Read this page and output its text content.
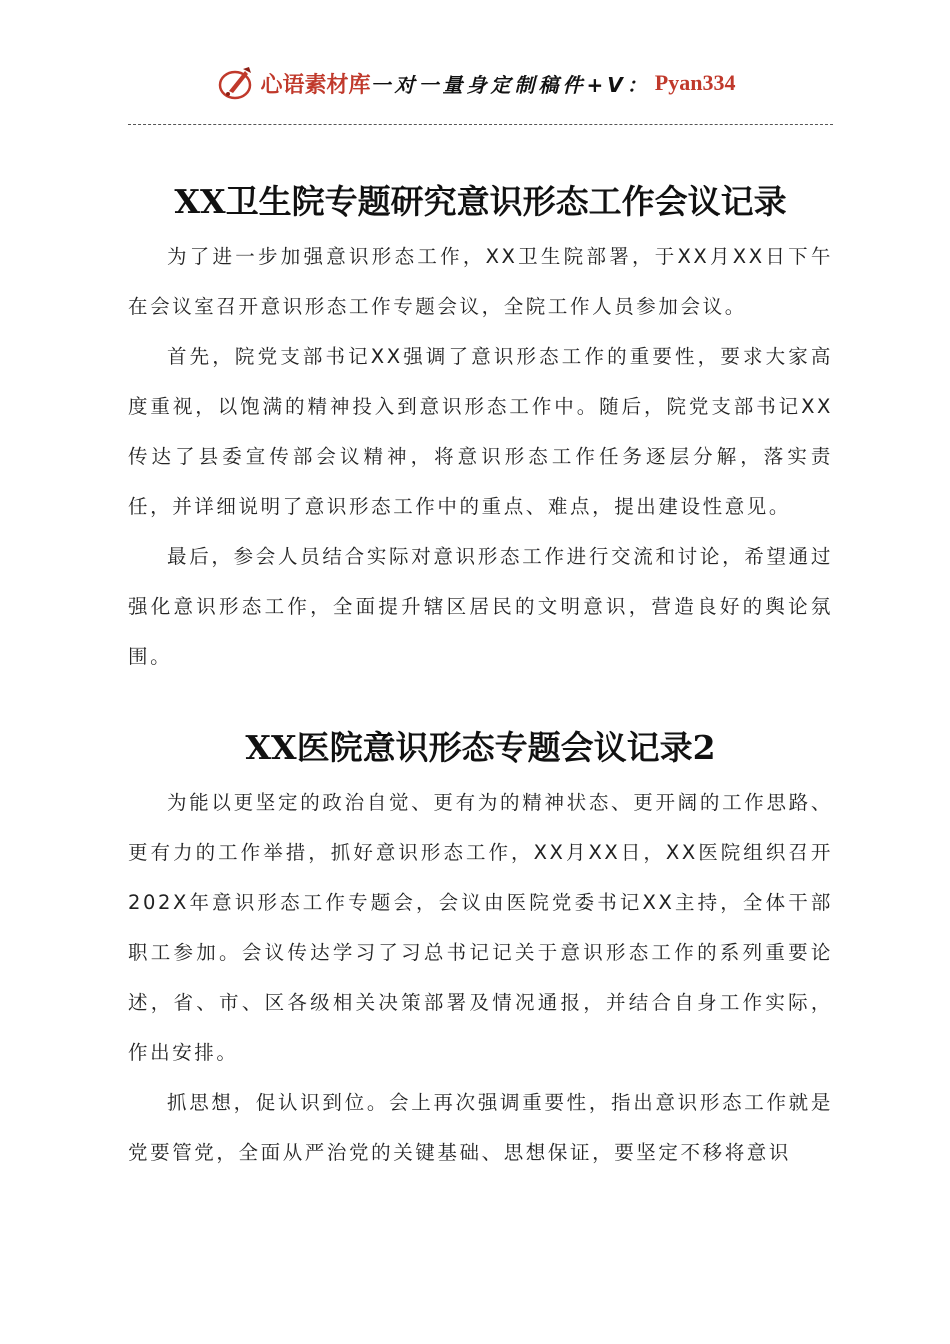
心语素材库 一对一量身定制稿件+V： Pyan334
XX卫生院专题研究意识形态工作会议记录

为了进一步加强意识形态工作，XX卫生院部署，于XX月XX日下午在会议室召开意识形态工作专题会议，全院工作人员参加会议。

首先，院党支部书记XX强调了意识形态工作的重要性，要求大家高度重视，以饱满的精神投入到意识形态工作中。随后，院党支部书记XX传达了县委宣传部会议精神，将意识形态工作任务逐层分解，落实责任，并详细说明了意识形态工作中的重点、难点，提出建设性意见。

最后，参会人员结合实际对意识形态工作进行交流和讨论，希望通过强化意识形态工作，全面提升辖区居民的文明意识，营造良好的舆论氛围。

XX医院意识形态专题会议记录2

为能以更坚定的政治自觉、更有为的精神状态、更开阔的工作思路、更有力的工作举措，抓好意识形态工作，XX月XX日，XX医院组织召开202X年意识形态工作专题会，会议由医院党委书记XX主持，全体干部职工参加。会议传达学习了习总书记记关于意识形态工作的系列重要论述，省、市、区各级相关决策部署及情况通报，并结合自身工作实际，作出安排。

抓思想，促认识到位。会上再次强调重要性，指出意识形态工作就是党要管党，全面从严治党的关键基础、思想保证，要坚定不移将意识
